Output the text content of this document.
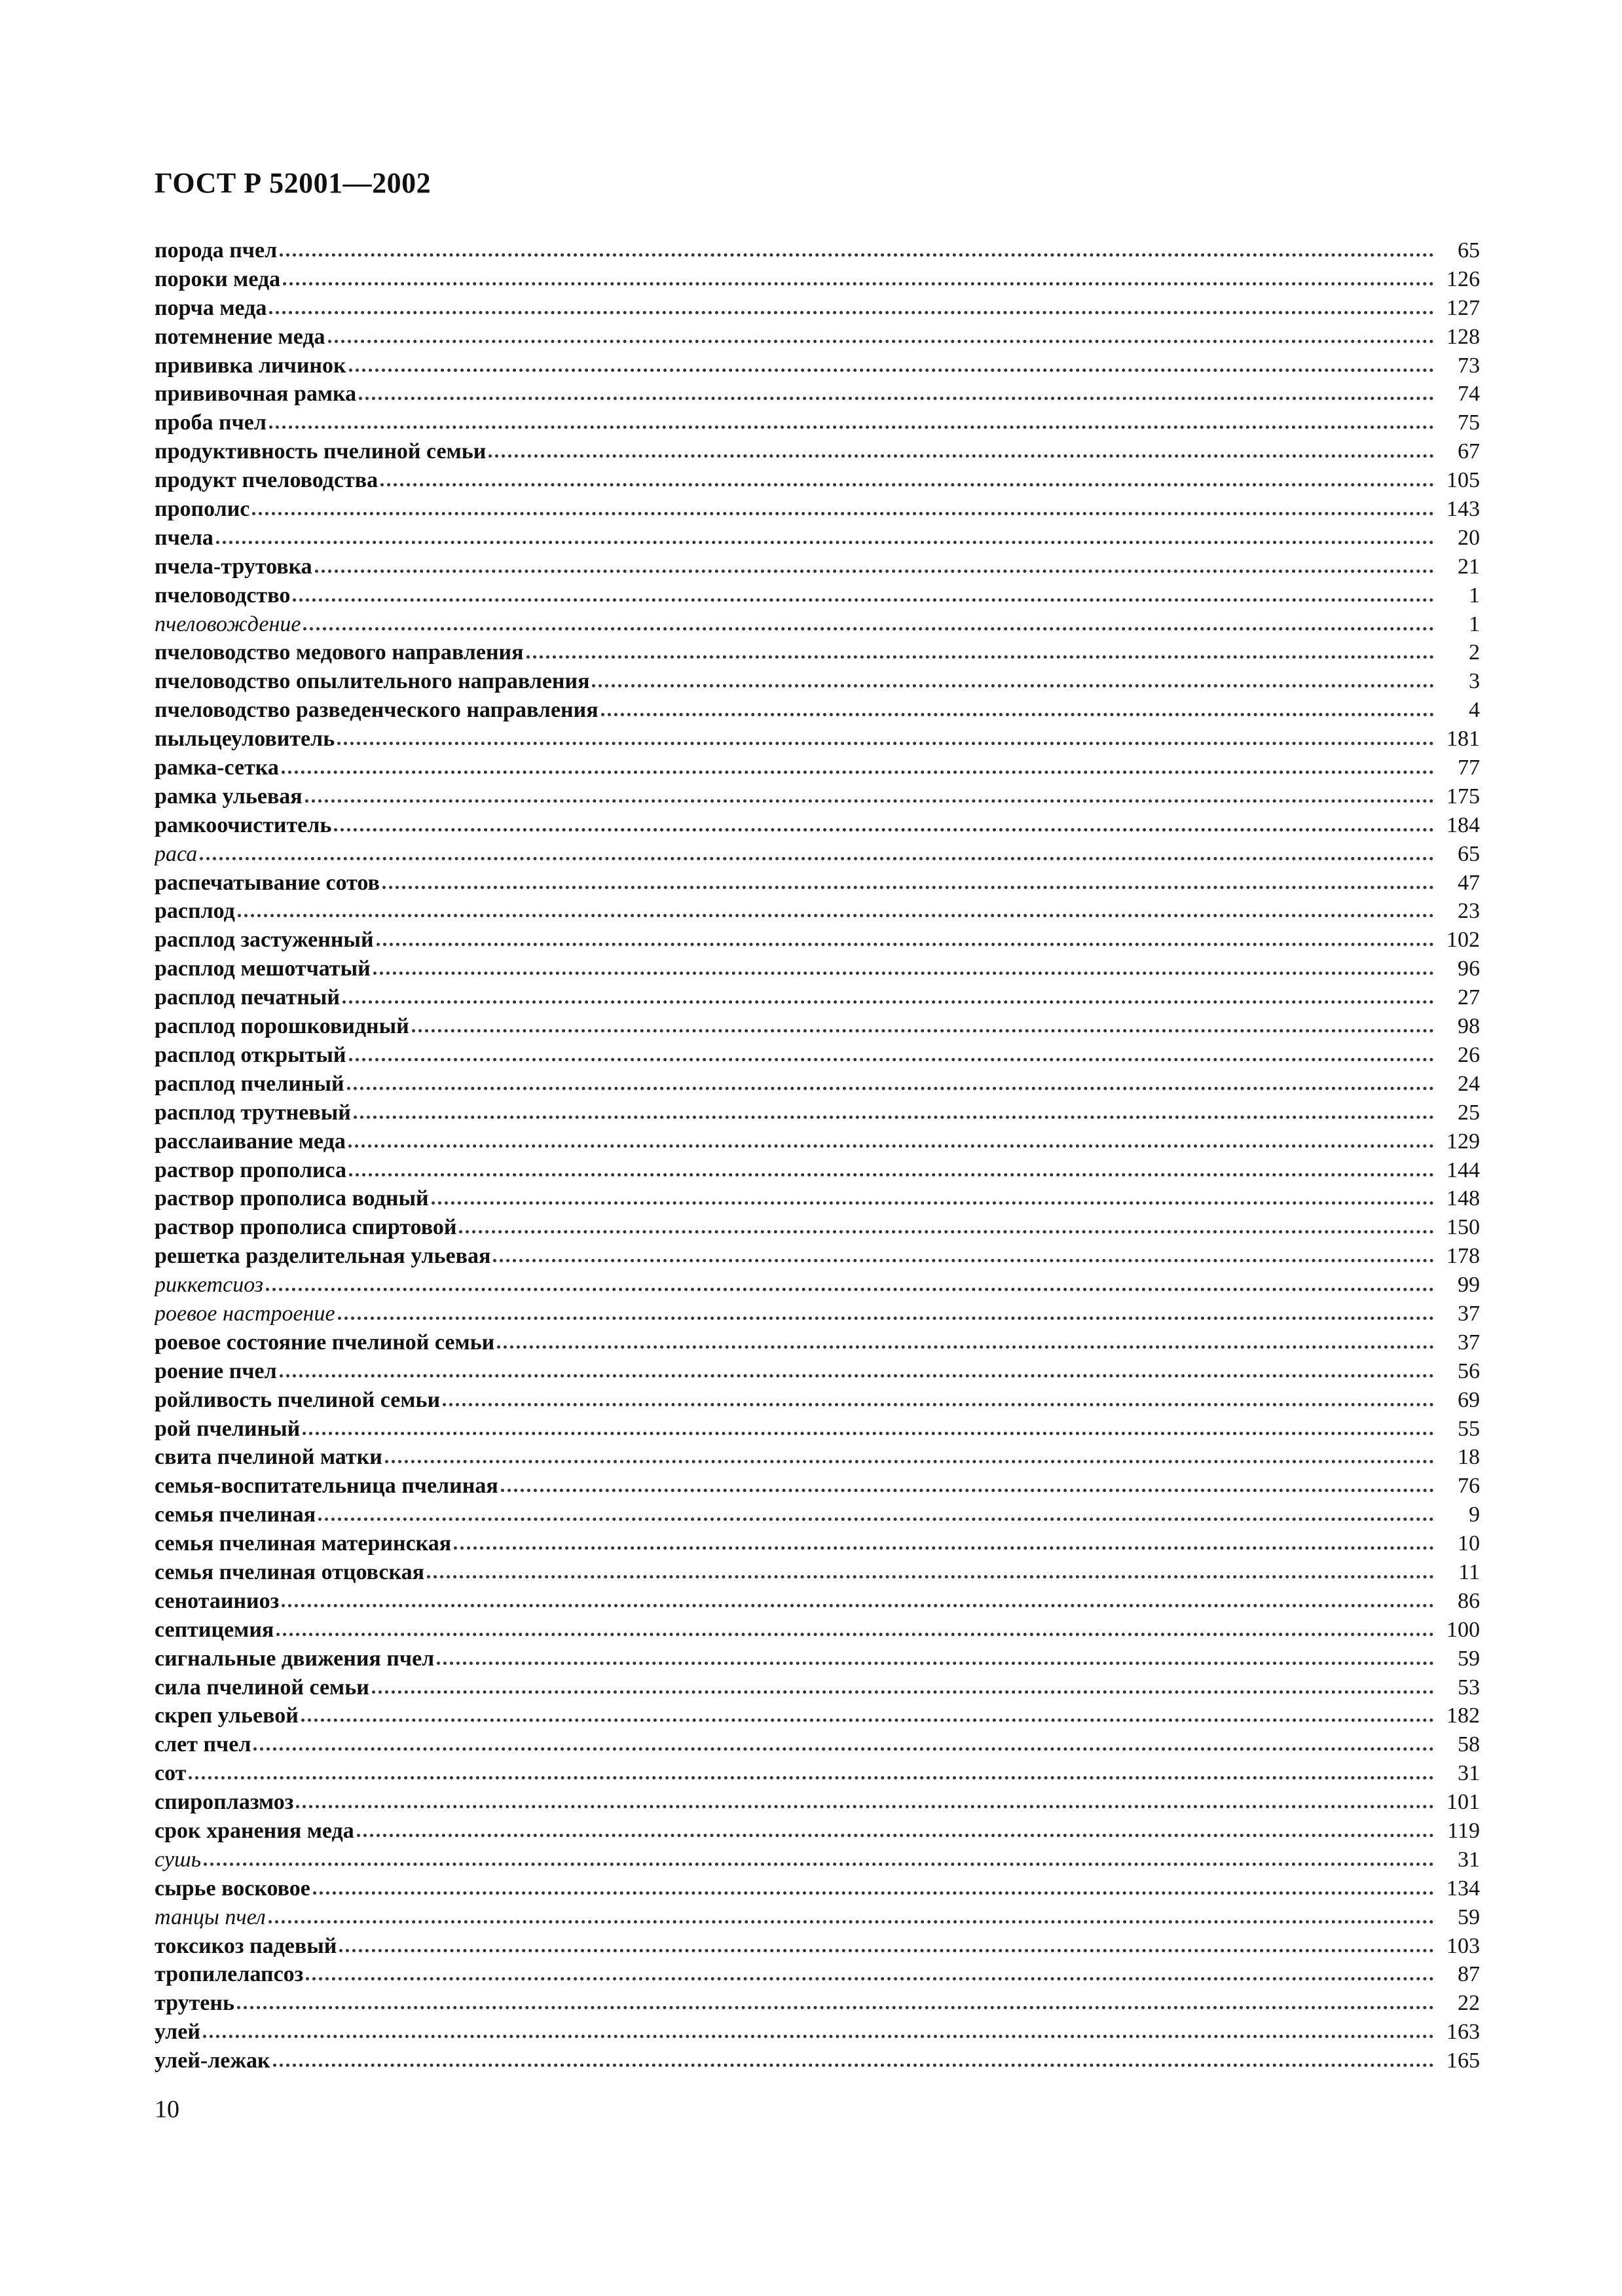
ГОСТ Р 52001—2002
порода пчел	65
пороки меда	126
порча меда	127
потемнение меда	128
прививка личинок	73
прививочная рамка	74
проба пчел	75
продуктивность пчелиной семьи	67
продукт пчеловодства	105
прополис	143
пчела	20
пчела-трутовка	21
пчеловодство	1
пчеловождение	1
пчеловодство медового направления	2
пчеловодство опылительного направления	3
пчеловодство разведенческого направления	4
пыльцеуловитель	181
рамка-сетка	77
рамка ульевая	175
рамкоочиститель	184
раса	65
распечатывание сотов	47
расплод	23
расплод застуженный	102
расплод мешотчатый	96
расплод печатный	27
расплод порошковидный	98
расплод открытый	26
расплод пчелиный	24
расплод трутневый	25
расслаивание меда	129
раствор прополиса	144
раствор прополиса водный	148
раствор прополиса спиртовой	150
решетка разделительная ульевая	178
риккетсиоз	99
роевое настроение	37
роевое состояние пчелиной семьи	37
роение пчел	56
ройливость пчелиной семьи	69
рой пчелиный	55
свита пчелиной матки	18
семья-воспитательница пчелиная	76
семья пчелиная	9
семья пчелиная материнская	10
семья пчелиная отцовская	11
сенотаиниоз	86
септицемия	100
сигнальные движения пчел	59
сила пчелиной семьи	53
скреп ульевой	182
слет пчел	58
сот	31
спироплазмоз	101
срок хранения меда	119
сушь	31
сырье восковое	134
танцы пчел	59
токсикоз падевый	103
тропилелапсоз	87
трутень	22
улей	163
улей-лежак	165
10
